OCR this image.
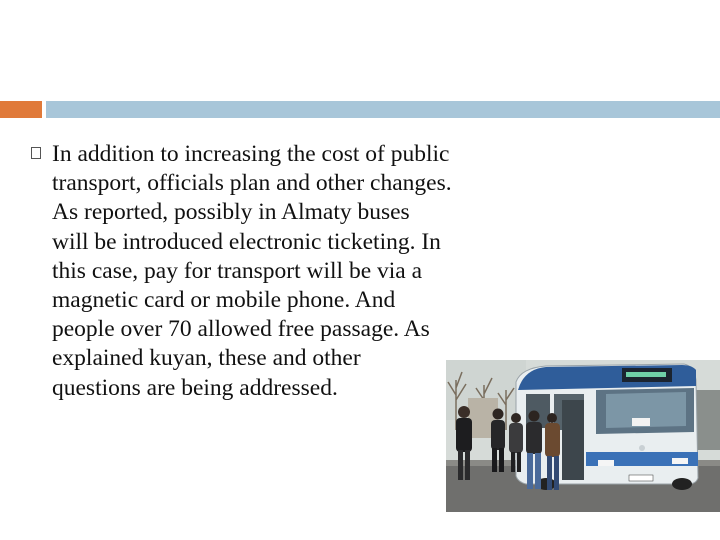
In addition to increasing the cost of public transport, officials plan and other changes. As reported, possibly in Almaty buses will be introduced electronic ticketing. In this case, pay for transport will be via a magnetic card or mobile phone. And people over 70 allowed free passage. As explained kuyan, these and other questions are being addressed.
